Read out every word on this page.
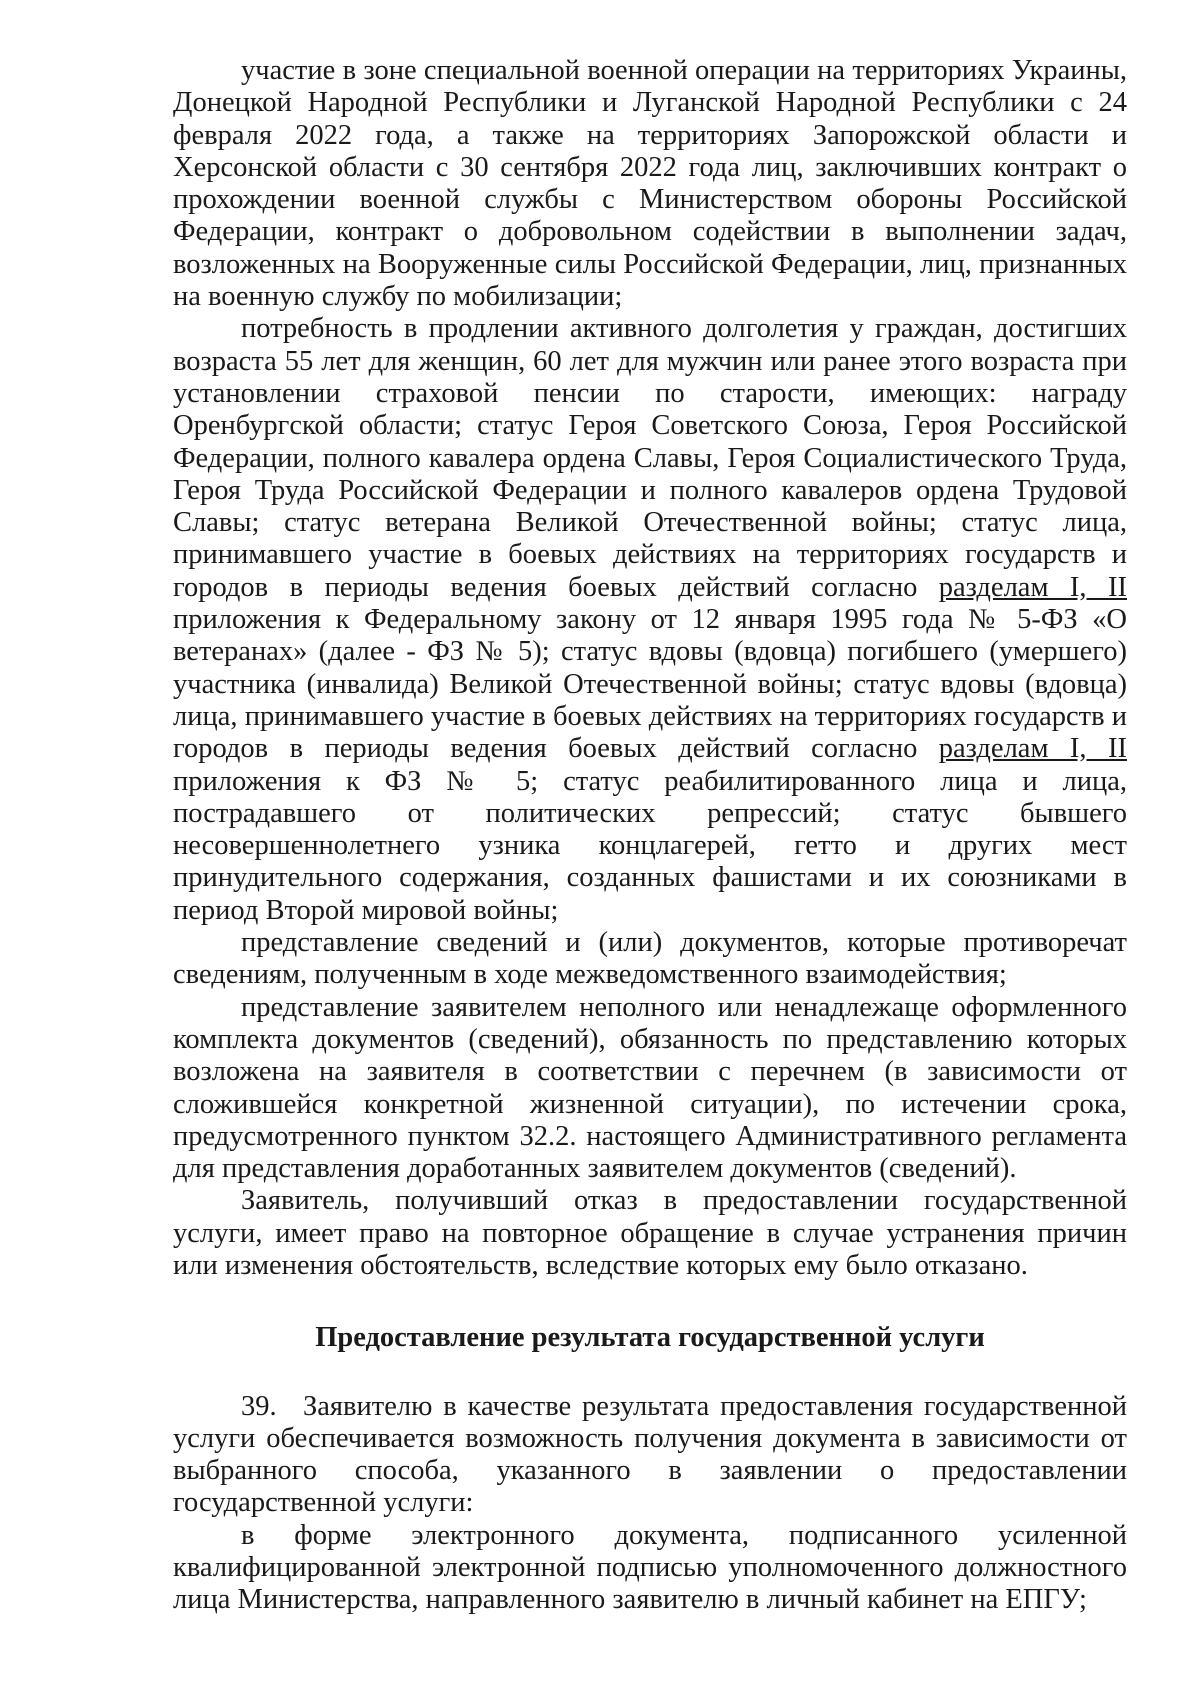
участие в зоне специальной военной операции на территориях Украины, Донецкой Народной Республики и Луганской Народной Республики с 24 февраля 2022 года, а также на территориях Запорожской области и Херсонской области с 30 сентября 2022 года лиц, заключивших контракт о прохождении военной службы с Министерством обороны Российской Федерации, контракт о добровольном содействии в выполнении задач, возложенных на Вооруженные силы Российской Федерации, лиц, признанных на военную службу по мобилизации;

потребность в продлении активного долголетия у граждан, достигших возраста 55 лет для женщин, 60 лет для мужчин или ранее этого возраста при установлении страховой пенсии по старости, имеющих: награду Оренбургской области; статус Героя Советского Союза, Героя Российской Федерации, полного кавалера ордена Славы, Героя Социалистического Труда, Героя Труда Российской Федерации и полного кавалеров ордена Трудовой Славы; статус ветерана Великой Отечественной войны; статус лица, принимавшего участие в боевых действиях на территориях государств и городов в периоды ведения боевых действий согласно разделам I, II приложения к Федеральному закону от 12 января 1995 года № 5-ФЗ «О ветеранах» (далее - ФЗ № 5); статус вдовы (вдовца) погибшего (умершего) участника (инвалида) Великой Отечественной войны; статус вдовы (вдовца) лица, принимавшего участие в боевых действиях на территориях государств и городов в периоды ведения боевых действий согласно разделам I, II приложения к ФЗ № 5; статус реабилитированного лица и лица, пострадавшего от политических репрессий; статус бывшего несовершеннолетнего узника концлагерей, гетто и других мест принудительного содержания, созданных фашистами и их союзниками в период Второй мировой войны;

представление сведений и (или) документов, которые противоречат сведениям, полученным в ходе межведомственного взаимодействия;

представление заявителем неполного или ненадлежаще оформленного комплекта документов (сведений), обязанность по представлению которых возложена на заявителя в соответствии с перечнем (в зависимости от сложившейся конкретной жизненной ситуации), по истечении срока, предусмотренного пунктом 32.2. настоящего Административного регламента для представления доработанных заявителем документов (сведений).

Заявитель, получивший отказ в предоставлении государственной услуги, имеет право на повторное обращение в случае устранения причин или изменения обстоятельств, вследствие которых ему было отказано.

Предоставление результата государственной услуги

39. Заявителю в качестве результата предоставления государственной услуги обеспечивается возможность получения документа в зависимости от выбранного способа, указанного в заявлении о предоставлении государственной услуги:

в форме электронного документа, подписанного усиленной квалифицированной электронной подписью уполномоченного должностного лица Министерства, направленного заявителю в личный кабинет на ЕПГУ;
